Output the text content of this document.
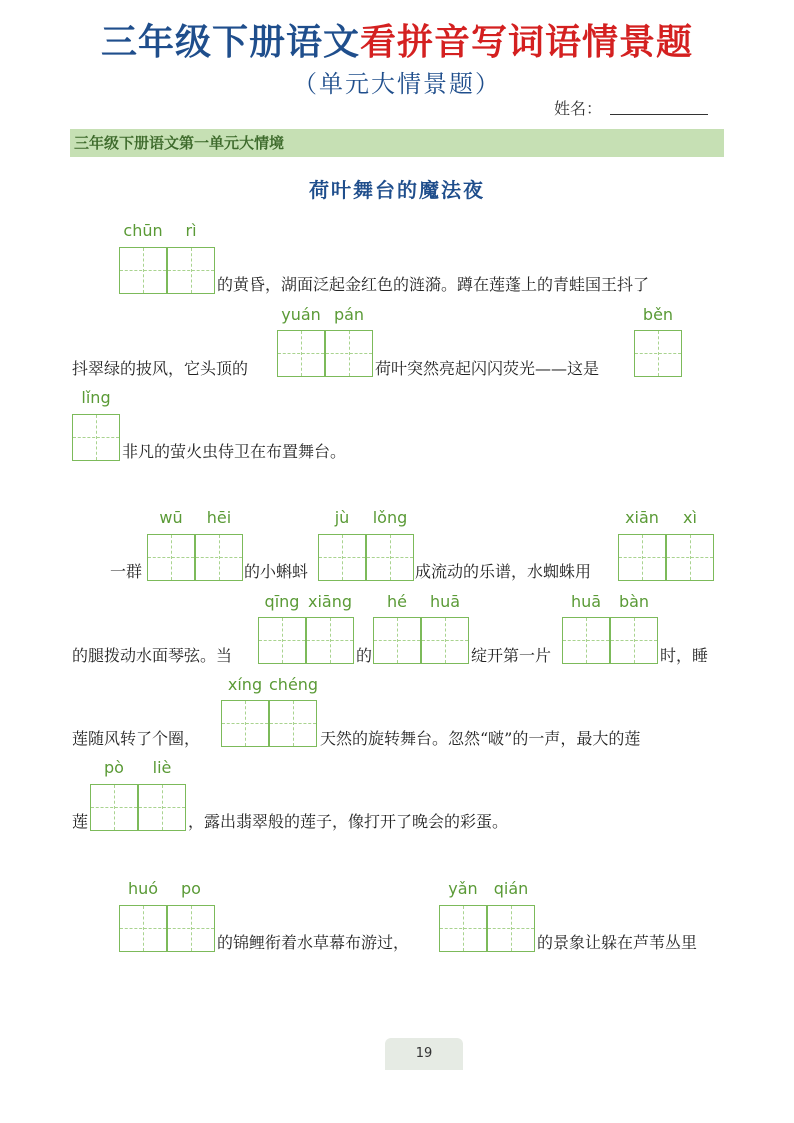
三年级下册语文看拼音写词语情景题
（单元大情景题）
姓名：
三年级下册语文第一单元大情境
荷叶舞台的魔法夜
chūn	rì
的黄昏，湖面泛起金红色的涟漪。蹲在莲蓬上的青蛙国王抖了
yuán pán	běn
抖翠绿的披风，它头顶的	荷叶突然亮起闪闪荧光——这是
lǐng
非凡的萤火虫侍卫在布置舞台。
wū	hēi	jù	lǒng	xiān	xì
一群	的小蝌蚪	成流动的乐谱，水蜘蛛用
qīng xiāng	hé	huā	huā	bàn
的腿拨动水面琴弦。当	的	绽开第一片	时，睡
xíng chéng
莲随风转了个圈，	天然的旋转舞台。忽然“啵”的一声，最大的莲
pò	liè
莲	，露出翡翠般的莲子，像打开了晚会的彩蛋。
huó	po	yǎn	qián
的锦鲤衔着水草幕布游过，	的景象让躲在芦苇丛里
19
